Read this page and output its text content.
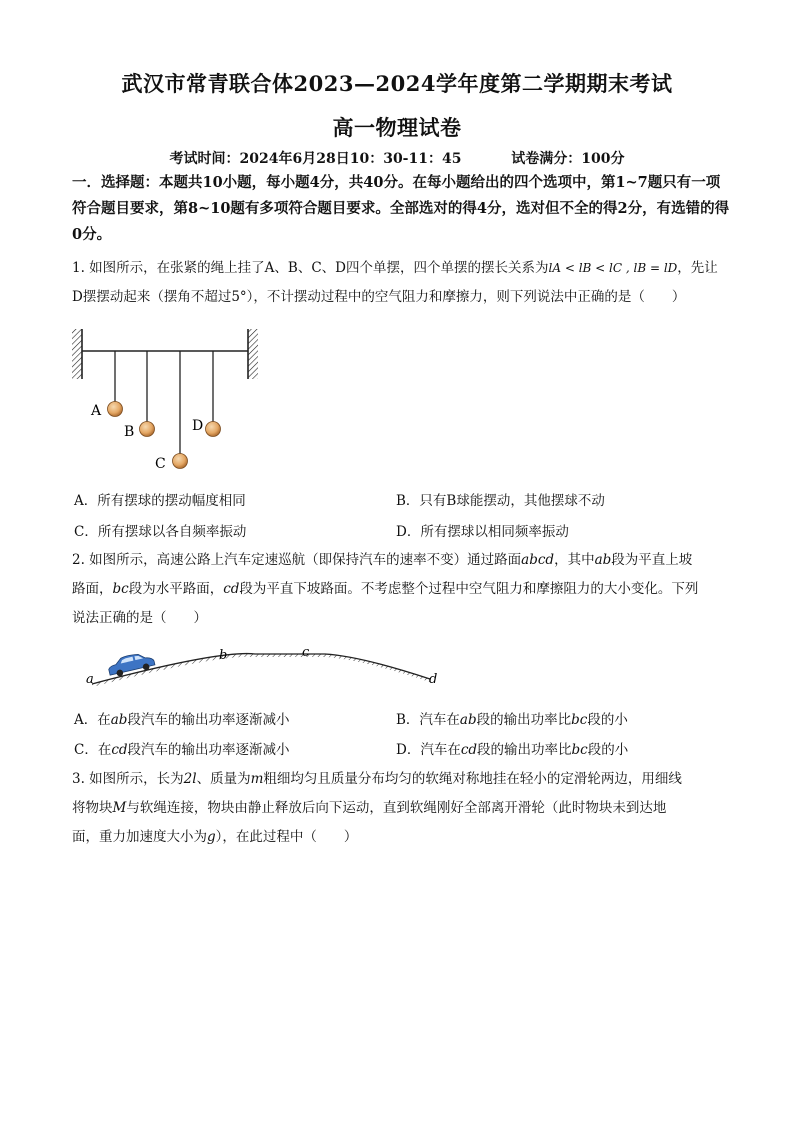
武汉市常青联合体2023—2024学年度第二学期期末考试
高一物理试卷
考试时间：2024年6月28日10：30-11：45	试卷满分：100分
一．选择题：本题共10小题，每小题4分，共40分。在每小题给出的四个选项中，第1~7题只有一项符合题目要求，第8~10题有多项符合题目要求。全部选对的得4分，选对但不全的得2分，有选错的得0分。
1. 如图所示，在张紧的绳上挂了A、B、C、D四个单摆，四个单摆的摆长关系为lA < lB < lC , lB = lD，先让
D摆摆动起来（摆角不超过5°），不计摆动过程中的空气阻力和摩擦力，则下列说法中正确的是（　　）
A
B
C
D
A．所有摆球的摆动幅度相同	B．只有B球能摆动，其他摆球不动
C．所有摆球以各自频率振动	D．所有摆球以相同频率振动
2. 如图所示，高速公路上汽车定速巡航（即保持汽车的速率不变）通过路面abcd，其中ab段为平直上坡
路面，bc段为水平路面，cd段为平直下坡路面。不考虑整个过程中空气阻力和摩擦阻力的大小变化。下列
说法正确的是（　　）
a
b	c
d
A．在ab段汽车的输出功率逐渐减小	B．汽车在ab段的输出功率比bc段的小
C．在cd段汽车的输出功率逐渐减小	D．汽车在cd段的输出功率比bc段的小
3. 如图所示，长为2l、质量为m粗细均匀且质量分布均匀的软绳对称地挂在轻小的定滑轮两边，用细线
将物块M与软绳连接，物块由静止释放后向下运动，直到软绳刚好全部离开滑轮（此时物块未到达地
面，重力加速度大小为g），在此过程中（　　）
